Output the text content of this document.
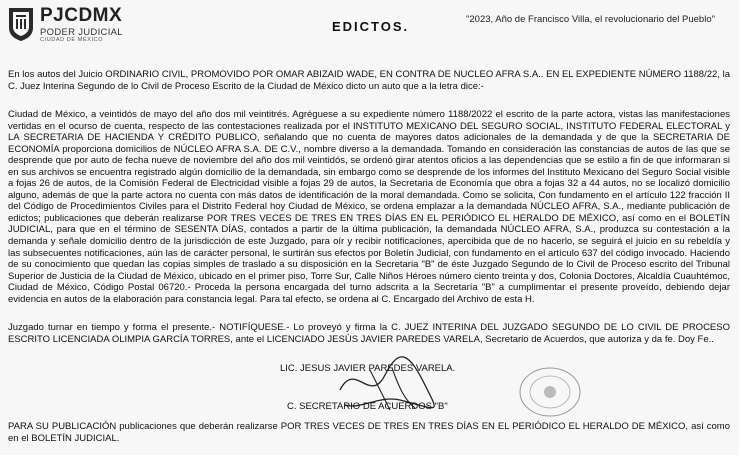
PJCDMX
PODER JUDICIAL
CIUDAD DE MÉXICO
EDICTOS.	"2023, Año de Francisco Villa, el revolucionario del Pueblo"
En los autos del Juicio ORDINARIO CIVIL, PROMOVIDO POR OMAR ABIZAID WADE, EN CONTRA DE NUCLEO AFRA S.A.. EN EL EXPEDIENTE NÚMERO 1188/22, la C. Juez Interina Segundo de lo Civil de Proceso Escrito de la Ciudad de México dicto un auto que a la letra dice:-
Ciudad de México, a veintidós de mayo del año dos mil veintitrés. Agréguese a su expediente número 1188/2022 el escrito de la parte actora, vistas las manifestaciones vertidas en el ocurso de cuenta, respecto de las contestaciones realizada por el INSTITUTO MEXICANO DEL SEGURO SOCIAL, INSTITUTO FEDERAL ELECTORAL y LA SECRETARIA DE HACIENDA Y CRÉDITO PUBLICO, señalando que no cuenta de mayores datos adicionales de la demandada y de que la SECRETARIA DE ECONOMÍA proporciona domicilios de NÚCLEO AFRA S.A. DE C.V., nombre diverso a la demandada. Tomando en consideración las constancias de autos de las que se desprende que por auto de fecha nueve de noviembre del año dos mil veintidós, se ordenó girar atentos oficios a las dependencias que se estilo a fin de que informaran si en sus archivos se encuentra registrado algún domicilio de la demandada, sin embargo como se desprende de los informes del Instituto Mexicano del Seguro Social visible a fojas 26 de autos, de la Comisión Federal de Electricidad visible a fojas 29 de autos, la Secretaria de Economía que obra a fojas 32 a 44 autos, no se localizó domicilio alguno, además de que la parte actora no cuenta con más datos de identificación de la moral demandada. Como se solicita, Con fundamento en el artículo 122 fracción II del Código de Procedimientos Civiles para el Distrito Federal hoy Ciudad de México, se ordena emplazar a la demandada NÚCLEO AFRA, S.A., mediante publicación de edictos; publicaciones que deberán realizarse POR TRES VECES DE TRES EN TRES DÍAS EN EL PERIÓDICO EL HERALDO DE MÉXICO, así como en el BOLETÍN JUDICIAL, para que en el término de SESENTA DÍAS, contados a partir de la última publicación, la demandada NÚCLEO AFRA, S.A., produzca su contestación a la demanda y señale domicilio dentro de la jurisdicción de este Juzgado, para oír y recibir notificaciones, apercibida que de no hacerlo, se seguirá el juicio en su rebeldía y las subsecuentes notificaciones, aún las de carácter personal, le surtirán sus efectos por Boletín Judicial, con fundamento en el artículo 637 del código invocado. Haciendo de su conocimiento que quedan las copias simples de traslado a su disposición en la Secretaria "B" de éste Juzgado Segundo de lo Civil de Proceso escrito del Tribunal Superior de Justicia de la Ciudad de México, ubicado en el primer piso, Torre Sur, Calle Niños Héroes número ciento treinta y dos, Colonia Doctores, Alcaldía Cuauhtémoc, Ciudad de México, Código Postal 06720.- Proceda la persona encargada del turno adscrita a la Secretaría "B" a cumplimentar el presente proveído, debiendo dejar evidencia en autos de la elaboración para constancia legal. Para tal efecto, se ordena al C. Encargado del Archivo de esta H.
Juzgado turnar en tiempo y forma el presente.- NOTIFÍQUESE.- Lo proveyó y firma la C. JUEZ INTERINA DEL JUZGADO SEGUNDO DE LO CIVIL DE PROCESO ESCRITO LICENCIADA OLIMPIA GARCÍA TORRES, ante el LICENCIADO JESÚS JAVIER PAREDES VARELA, Secretario de Acuerdos, que autoriza y da fe. Doy Fe..
LIC. JESUS JAVIER PAREDES VARELA.
C. SECRETARIO DE ACUERDOS "B"
PARA SU PUBLICACIÓN publicaciones que deberán realizarse POR TRES VECES DE TRES EN TRES DÍAS EN EL PERIÓDICO EL HERALDO DE MÉXICO, así como en el BOLETÍN JUDICIAL.
